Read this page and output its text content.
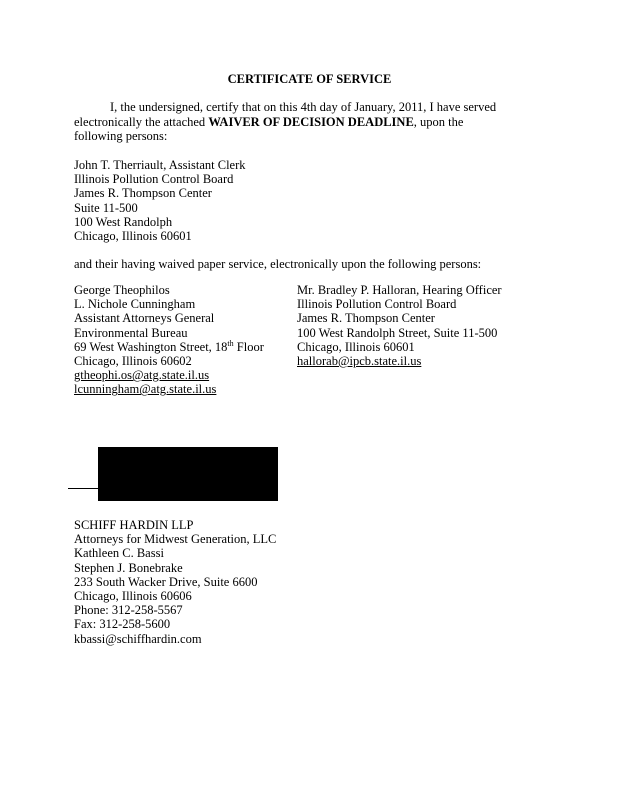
CERTIFICATE OF SERVICE
I, the undersigned, certify that on this 4th day of January, 2011, I have served electronically the attached WAIVER OF DECISION DEADLINE, upon the following persons:
John T. Therriault, Assistant Clerk
Illinois Pollution Control Board
James R. Thompson Center
Suite 11-500
100 West Randolph
Chicago, Illinois 60601
and their having waived paper service, electronically upon the following persons:
George Theophilos
L. Nichole Cunningham
Assistant Attorneys General
Environmental Bureau
69 West Washington Street, 18th Floor
Chicago, Illinois 60602
gtheophi.os@atg.state.il.us
lcunningham@atg.state.il.us
Mr. Bradley P. Halloran, Hearing Officer
Illinois Pollution Control Board
James R. Thompson Center
100 West Randolph Street, Suite 11-500
Chicago, Illinois 60601
hallorab@ipcb.state.il.us
SCHIFF HARDIN LLP
Attorneys for Midwest Generation, LLC
Kathleen C. Bassi
Stephen J. Bonebrake
233 South Wacker Drive, Suite 6600
Chicago, Illinois 60606
Phone: 312-258-5567
Fax: 312-258-5600
kbassi@schiffhardin.com
